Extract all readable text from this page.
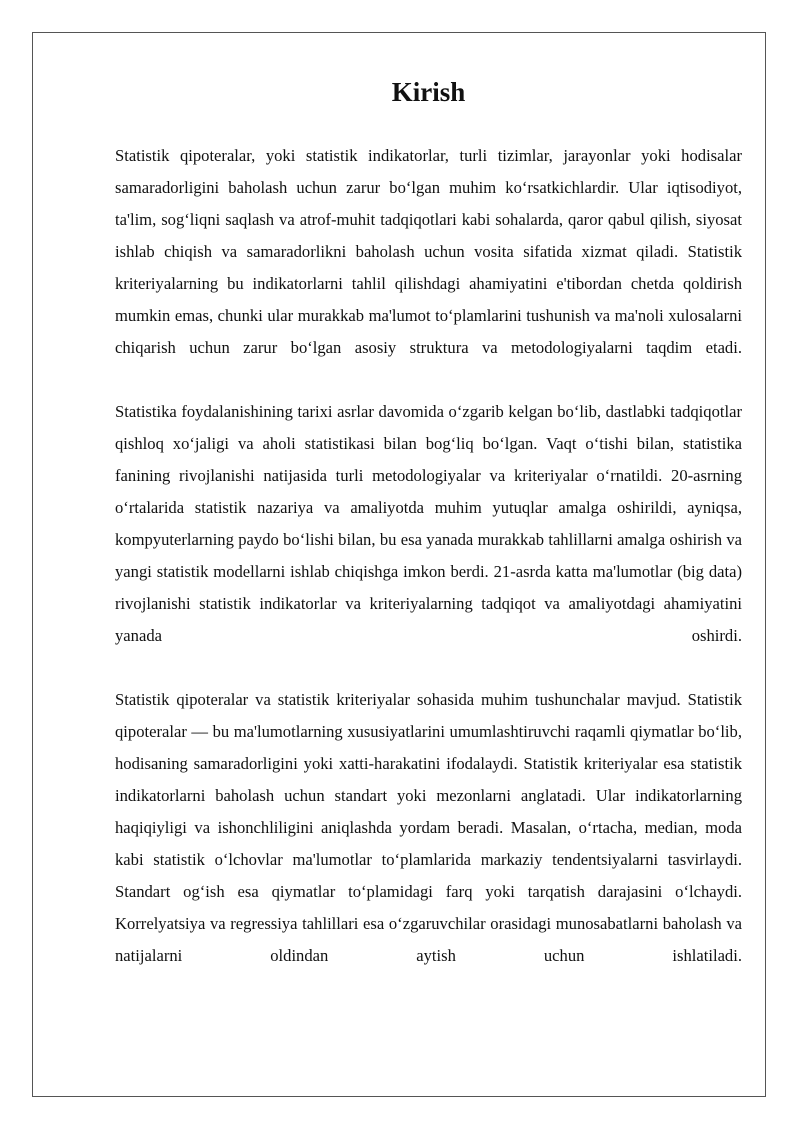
Kirish

Statistik qipoteralar, yoki statistik indikatorlar, turli tizimlar, jarayonlar yoki hodisalar samaradorligini baholash uchun zarur bo‘lgan muhim ko‘rsatkichlardir. Ular iqtisodiyot, ta'lim, sog‘liqni saqlash va atrof-muhit tadqiqotlari kabi sohalarda, qaror qabul qilish, siyosat ishlab chiqish va samaradorlikni baholash uchun vosita sifatida xizmat qiladi. Statistik kriteriyalarning bu indikatorlarni tahlil qilishdagi ahamiyatini e'tibordan chetda qoldirish mumkin emas, chunki ular murakkab ma'lumot to‘plamlarini tushunish va ma'noli xulosalarni chiqarish uchun zarur bo‘lgan asosiy struktura va metodologiyalarni taqdim etadi.

Statistika foydalanishining tarixi asrlar davomida o‘zgarib kelgan bo‘lib, dastlabki tadqiqotlar qishloq xo‘jaligi va aholi statistikasi bilan bog‘liq bo‘lgan. Vaqt o‘tishi bilan, statistika fanining rivojlanishi natijasida turli metodologiyalar va kriteriyalar o‘rnatildi. 20-asrning o‘rtalarida statistik nazariya va amaliyotda muhim yutuqlar amalga oshirildi, ayniqsa, kompyuterlarning paydo bo‘lishi bilan, bu esa yanada murakkab tahlillarni amalga oshirish va yangi statistik modellarni ishlab chiqishga imkon berdi. 21-asrda katta ma'lumotlar (big data) rivojlanishi statistik indikatorlar va kriteriyalarning tadqiqot va amaliyotdagi ahamiyatini yanada oshirdi.

Statistik qipoteralar va statistik kriteriyalar sohasida muhim tushunchalar mavjud. Statistik qipoteralar — bu ma'lumotlarning xususiyatlarini umumlashtiruvchi raqamli qiymatlar bo‘lib, hodisaning samaradorligini yoki xatti-harakatini ifodalaydi. Statistik kriteriyalar esa statistik indikatorlarni baholash uchun standart yoki mezonlarni anglatadi. Ular indikatorlarning haqiqiyligi va ishonchliligini aniqlashda yordam beradi. Masalan, o‘rtacha, median, moda kabi statistik o‘lchovlar ma'lumotlar to‘plamlarida markaziy tendentsiyalarni tasvirlaydi. Standart og‘ish esa qiymatlar to‘plamidagi farq yoki tarqatish darajasini o‘lchaydi. Korrelyatsiya va regressiya tahlillari esa o‘zgaruvchilar orasidagi munosabatlarni baholash va natijalarni oldindan aytish uchun ishlatiladi.
